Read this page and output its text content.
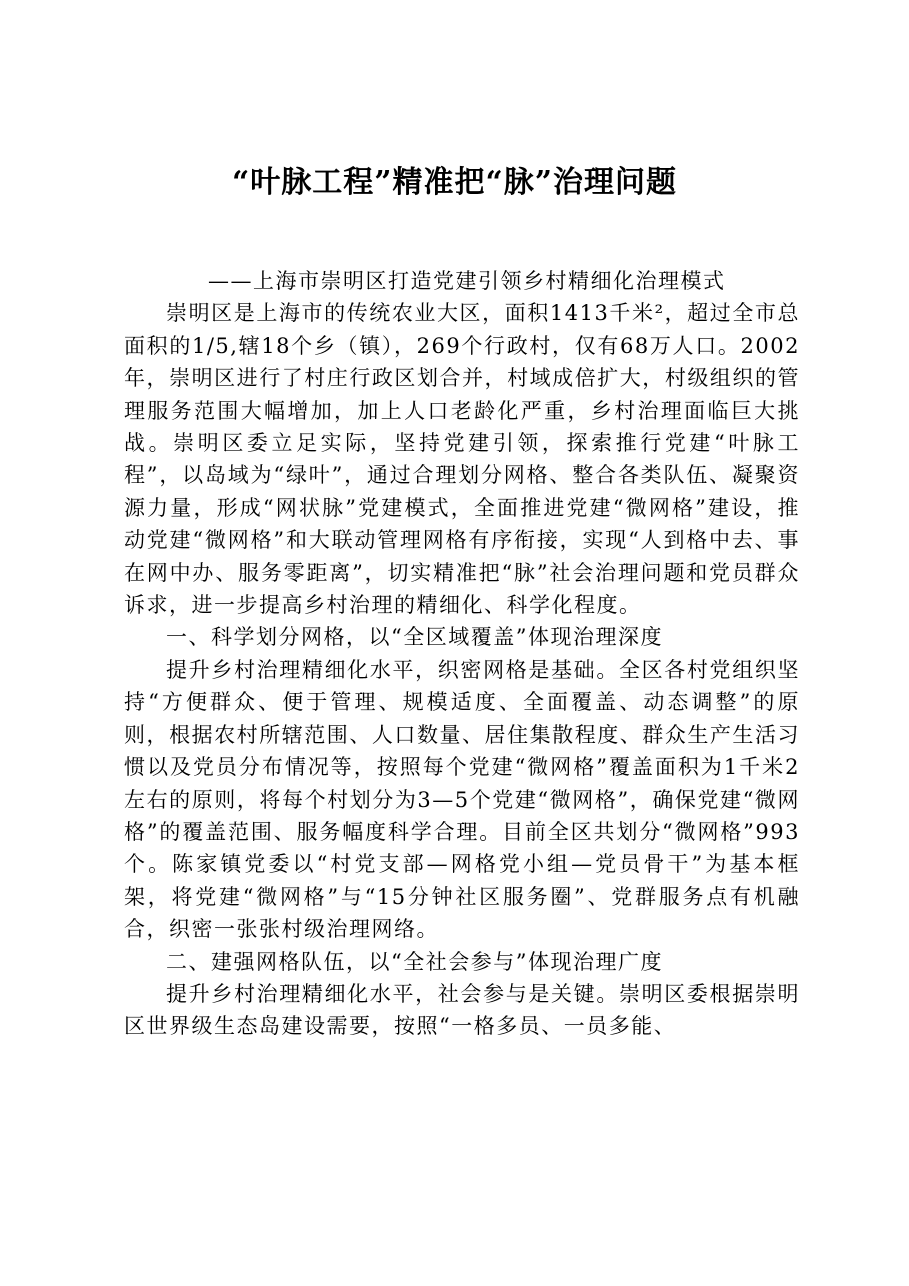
“叶脉工程”精准把“脉”治理问题

——上海市崇明区打造党建引领乡村精细化治理模式

崇明区是上海市的传统农业大区，面积1413千米²，超过全市总面积的1/5,辖18个乡（镇），269个行政村，仅有68万人口。2002年，崇明区进行了村庄行政区划合并，村域成倍扩大，村级组织的管理服务范围大幅增加，加上人口老龄化严重，乡村治理面临巨大挑战。崇明区委立足实际，坚持党建引领，探索推行党建“叶脉工程”，以岛域为“绿叶”，通过合理划分网格、整合各类队伍、凝聚资源力量，形成“网状脉”党建模式，全面推进党建“微网格”建设，推动党建“微网格”和大联动管理网格有序衔接，实现“人到格中去、事在网中办、服务零距离”，切实精准把“脉”社会治理问题和党员群众诉求，进一步提高乡村治理的精细化、科学化程度。

一、科学划分网格，以“全区域覆盖”体现治理深度

提升乡村治理精细化水平，织密网格是基础。全区各村党组织坚持“方便群众、便于管理、规模适度、全面覆盖、动态调整”的原则，根据农村所辖范围、人口数量、居住集散程度、群众生产生活习惯以及党员分布情况等，按照每个党建“微网格”覆盖面积为1千米2左右的原则，将每个村划分为3—5个党建“微网格”，确保党建“微网格”的覆盖范围、服务幅度科学合理。目前全区共划分“微网格”993个。陈家镇党委以“村党支部—网格党小组—党员骨干”为基本框架，将党建“微网格”与“15分钟社区服务圈”、党群服务点有机融合，织密一张张村级治理网络。

二、建强网格队伍，以“全社会参与”体现治理广度

提升乡村治理精细化水平，社会参与是关键。崇明区委根据崇明区世界级生态岛建设需要，按照“一格多员、一员多能、
